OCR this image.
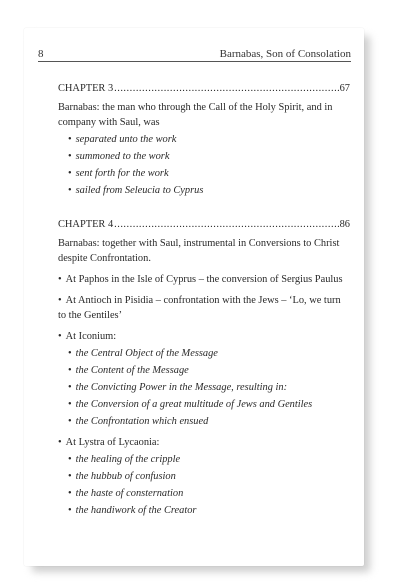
8	Barnabas, Son of Consolation
CHAPTER 3 .....	67
Barnabas: the man who through the Call of the Holy Spirit, and in company with Saul, was
• separated unto the work
• summoned to the work
• sent forth for the work
• sailed from Seleucia to Cyprus
CHAPTER 4 .....	86
Barnabas: together with Saul, instrumental in Conversions to Christ despite Confrontation.
• At Paphos in the Isle of Cyprus – the conversion of Sergius Paulus
• At Antioch in Pisidia – confrontation with the Jews – ‘Lo, we turn to the Gentiles’
• At Iconium:
• the Central Object of the Message
• the Content of the Message
• the Convicting Power in the Message, resulting in:
• the Conversion of a great multitude of Jews and Gentiles
• the Confrontation which ensued
• At Lystra of Lycaonia:
• the healing of the cripple
• the hubbub of confusion
• the haste of consternation
• the handiwork of the Creator
